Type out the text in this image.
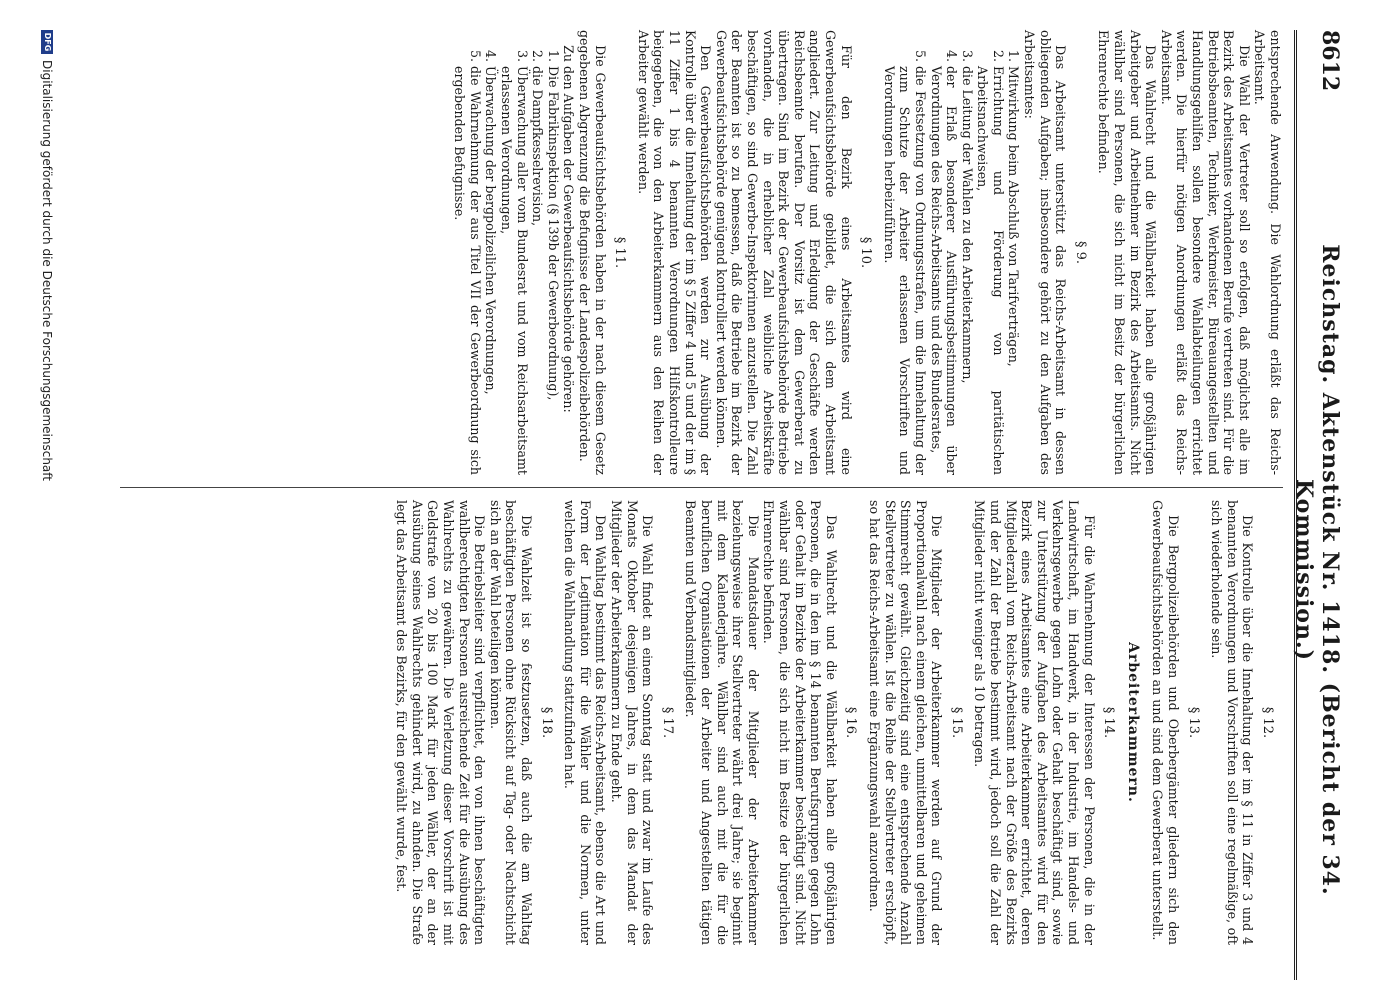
8612
Reichstag. Aktenstück Nr. 1418. (Bericht der 34. Kommission.)

entsprechende Anwendung. Die Wahlordnung erläßt das Reichs-Arbeitsamt.

Die Wahl der Vertreter soll so erfolgen, daß möglichst alle im Bezirk des Arbeitsamtes vorhandenen Berufe vertreten sind. Für die Betriebsbeamten, Techniker, Werkmeister, Büreauangestellten und Handlungsgehilfen sollen besondere Wahlabteilungen errichtet werden. Die hierfür nötigen Anordnungen erläßt das Reichs-Arbeitsamt.

Das Wahlrecht und die Wählbarkeit haben alle großjährigen Arbeitgeber und Arbeitnehmer im Bezirk des Arbeitsamts. Nicht wählbar sind Personen, die sich nicht im Besitz der bürgerlichen Ehrenrechte befinden.

§ 9.

Das Arbeitsamt unterstützt das Reichs-Arbeitsamt in dessen obliegenden Aufgaben; insbesondere gehört zu den Aufgaben des Arbeitsamtes:

1. Mitwirkung beim Abschluß von Tarifverträgen,
2. Errichtung und Förderung von paritätischen Arbeitsnachweisen,
3. die Leitung der Wahlen zu den Arbeiterkammern,
4. der Erlaß besonderer Ausführungsbestimmungen über Verordnungen des Reichs-Arbeitsamts und des Bundesrates,
5. die Festsetzung von Ordnungsstrafen, um die Innehaltung der zum Schutze der Arbeiter erlassenen Vorschriften und Verordnungen herbeizuführen.
§ 10.

Für den Bezirk eines Arbeitsamtes wird eine Gewerbeaufsichtsbehörde gebildet, die sich dem Arbeitsamt angliedert. Zur Leitung und Erledigung der Geschäfte werden Reichsbeamte berufen. Der Vorsitz ist dem Gewerberat zu übertragen. Sind im Bezirk der Gewerbeaufsichtsbehörde Betriebe vorhanden, die in erheblicher Zahl weibliche Arbeitskräfte beschäftigen, so sind Gewerbe-Inspektorinnen anzustellen. Die Zahl der Beamten ist so zu bemessen, daß die Betriebe im Bezirk der Gewerbeaufsichtsbehörde genügend kontrolliert werden können.

Den Gewerbeaufsichtsbehörden werden zur Ausübung der Kontrolle über die Innehaltung der im § 5 Ziffer 4 und 5 und der im § 11 Ziffer 1 bis 4 benannten Verordnungen Hilfskontrolleure beigegeben, die von den Arbeiterkammern aus den Reihen der Arbeiter gewählt werden.

§ 11.

Die Gewerbeaufsichtsbehörden haben in der nach diesem Gesetz gegebenen Abgrenzung die Befugnisse der Landespolizeibehörden.

Zu den Aufgaben der Gewerbeaufsichtsbehörde gehören:

1. Die Fabrikinspektion (§ 139b der Gewerbeordnung),
2. die Dampfkesselrevision,
3. Überwachung aller vom Bundesrat und vom Reichsarbeitsamt erlassenen Verordnungen,
4. Überwachung der bergpolizeilichen Verordnungen,
5. die Wahrnehmung der aus Titel VII der Gewerbeordnung sich ergebenden Befugnisse.
§ 12.

Die Kontrolle über die Innehaltung der im § 11 in Ziffer 3 und 4 benannten Verordnungen und Vorschriften soll eine regelmäßige, oft sich wiederholende sein.

§ 13.

Die Bergpolizeibehörden und Oberbergämter gliedern sich den Gewerbeaufsichtsbehörden an und sind dem Gewerberat unterstellt.

Arbeiterkammern.
§ 14.

Für die Wahrnehmung der Interessen der Personen, die in der Landwirtschaft, im Handwerk, in der Industrie, im Handels- und Verkehrsgewerbe gegen Lohn oder Gehalt beschäftigt sind, sowie zur Unterstützung der Aufgaben des Arbeitsamtes wird für den Bezirk eines Arbeitsamtes eine Arbeiterkammer errichtet, deren Mitgliederzahl vom Reichs-Arbeitsamt nach der Größe des Bezirks und der Zahl der Betriebe bestimmt wird, jedoch soll die Zahl der Mitglieder nicht weniger als 10 betragen.

§ 15.

Die Mitglieder der Arbeiterkammer werden auf Grund der Proportionalwahl nach einem gleichen, unmittelbaren und geheimen Stimmrecht gewählt. Gleichzeitig sind eine entsprechende Anzahl Stellvertreter zu wählen. Ist die Reihe der Stellvertreter erschöpft, so hat das Reichs-Arbeitsamt eine Ergänzungswahl anzuordnen.

§ 16.

Das Wahlrecht und die Wählbarkeit haben alle großjährigen Personen, die in den im § 14 benannten Berufsgruppen gegen Lohn oder Gehalt im Bezirke der Arbeiterkammer beschäftigt sind. Nicht wählbar sind Personen, die sich nicht im Besitze der bürgerlichen Ehrenrechte befinden.

Die Mandatsdauer der Mitglieder der Arbeiterkammer beziehungsweise ihrer Stellvertreter währt drei Jahre; sie beginnt mit dem Kalenderjahre. Wählbar sind auch mit die für die beruflichen Organisationen der Arbeiter und Angestellten tätigen Beamten und Verbandsmitglieder.

§ 17.

Die Wahl findet an einem Sonntag statt und zwar im Laufe des Monats Oktober desjenigen Jahres, in dem das Mandat der Mitglieder der Arbeiterkammern zu Ende geht.

Den Wahltag bestimmt das Reichs-Arbeitsamt, ebenso die Art und Form der Legitimation für die Wähler und die Normen, unter welchen die Wahlhandlung stattzufinden hat.

§ 18.

Die Wahlzeit ist so festzusetzen, daß auch die am Wahltag beschäftigten Personen ohne Rücksicht auf Tag- oder Nachtschicht sich an der Wahl beteiligen können.

Die Betriebsleiter sind verpflichtet, den von ihnen beschäftigten wahlberechtigten Personen ausreichende Zeit für die Ausübung des Wahlrechts zu gewähren. Die Verletzung dieser Vorschrift ist mit Geldstrafe von 20 bis 100 Mark für jeden Wähler, der an der Ausübung seines Wahlrechts gehindert wird, zu ahnden. Die Strafe legt das Arbeitsamt des Bezirks, für den gewählt wurde, fest.

DFG
Digitalisierung gefördert durch die Deutsche Forschungsgemeinschaft
